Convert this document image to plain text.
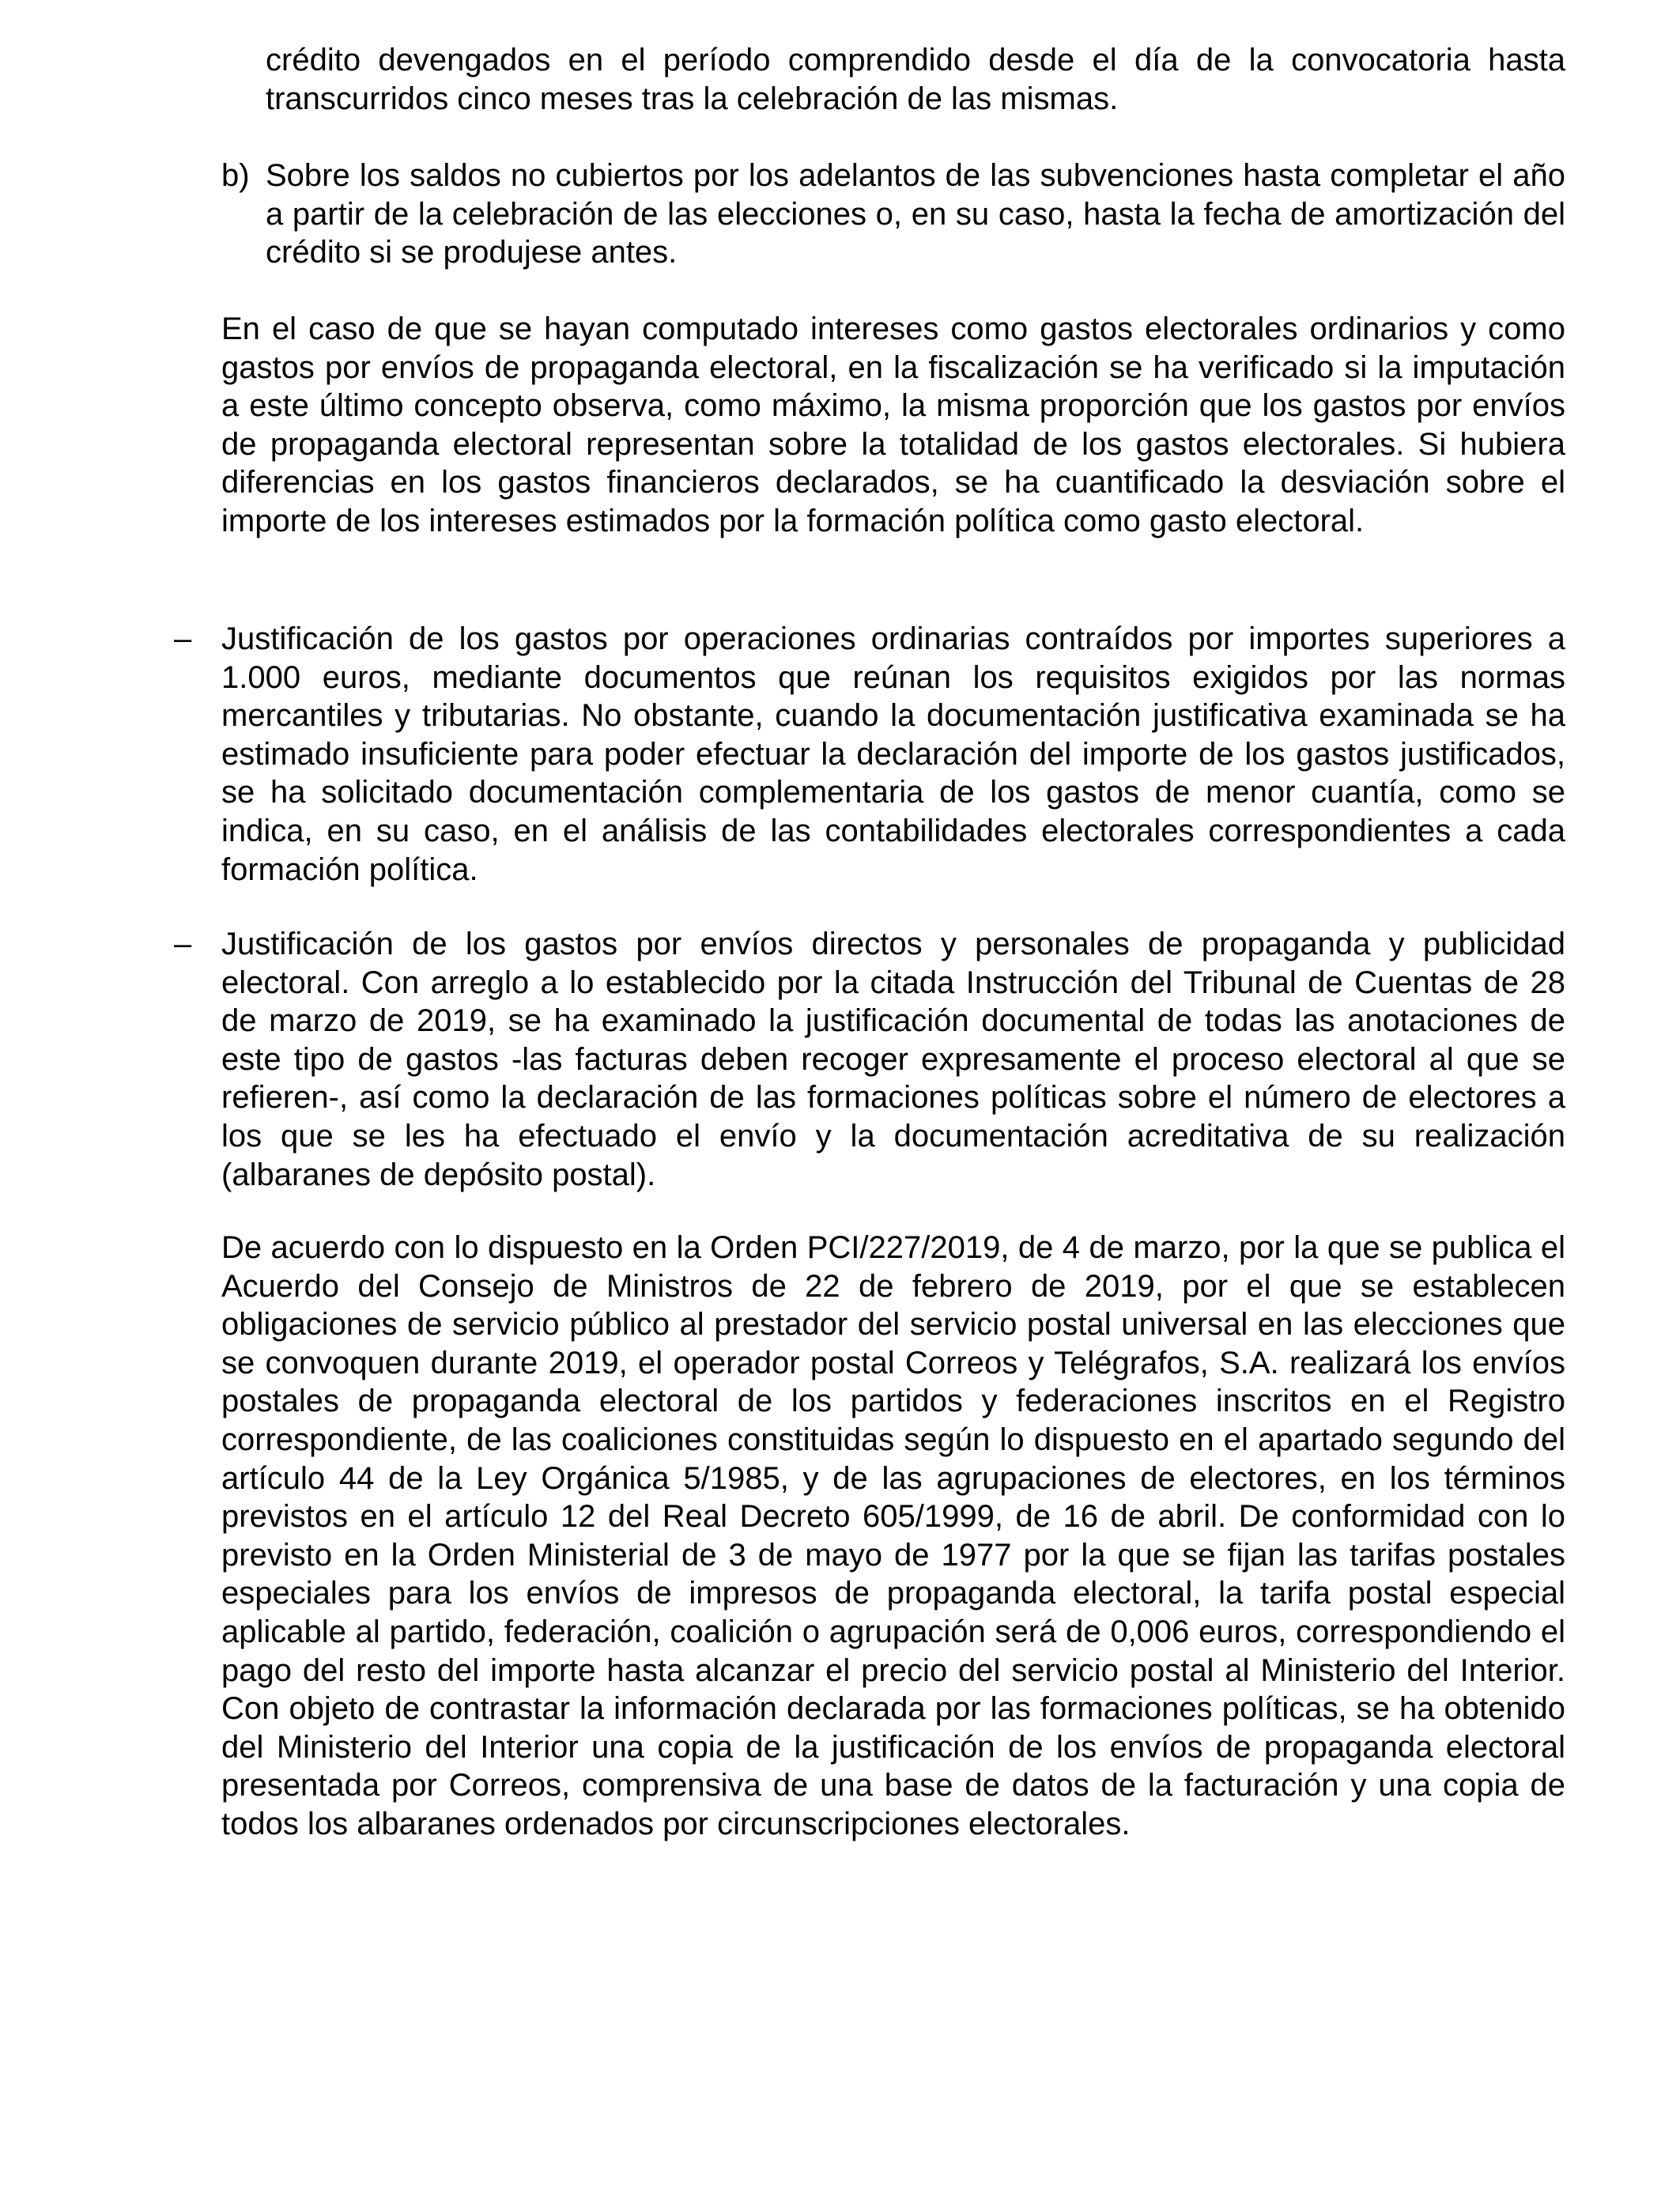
crédito devengados en el período comprendido desde el día de la convocatoria hasta transcurridos cinco meses tras la celebración de las mismas.

b) Sobre los saldos no cubiertos por los adelantos de las subvenciones hasta completar el año a partir de la celebración de las elecciones o, en su caso, hasta la fecha de amortización del crédito si se produjese antes.

En el caso de que se hayan computado intereses como gastos electorales ordinarios y como gastos por envíos de propaganda electoral, en la fiscalización se ha verificado si la imputación a este último concepto observa, como máximo, la misma proporción que los gastos por envíos de propaganda electoral representan sobre la totalidad de los gastos electorales. Si hubiera diferencias en los gastos financieros declarados, se ha cuantificado la desviación sobre el importe de los intereses estimados por la formación política como gasto electoral.

– Justificación de los gastos por operaciones ordinarias contraídos por importes superiores a 1.000 euros, mediante documentos que reúnan los requisitos exigidos por las normas mercantiles y tributarias. No obstante, cuando la documentación justificativa examinada se ha estimado insuficiente para poder efectuar la declaración del importe de los gastos justificados, se ha solicitado documentación complementaria de los gastos de menor cuantía, como se indica, en su caso, en el análisis de las contabilidades electorales correspondientes a cada formación política.

– Justificación de los gastos por envíos directos y personales de propaganda y publicidad electoral. Con arreglo a lo establecido por la citada Instrucción del Tribunal de Cuentas de 28 de marzo de 2019, se ha examinado la justificación documental de todas las anotaciones de este tipo de gastos -las facturas deben recoger expresamente el proceso electoral al que se refieren-, así como la declaración de las formaciones políticas sobre el número de electores a los que se les ha efectuado el envío y la documentación acreditativa de su realización (albaranes de depósito postal).

De acuerdo con lo dispuesto en la Orden PCI/227/2019, de 4 de marzo, por la que se publica el Acuerdo del Consejo de Ministros de 22 de febrero de 2019, por el que se establecen obligaciones de servicio público al prestador del servicio postal universal en las elecciones que se convoquen durante 2019, el operador postal Correos y Telégrafos, S.A. realizará los envíos postales de propaganda electoral de los partidos y federaciones inscritos en el Registro correspondiente, de las coaliciones constituidas según lo dispuesto en el apartado segundo del artículo 44 de la Ley Orgánica 5/1985, y de las agrupaciones de electores, en los términos previstos en el artículo 12 del Real Decreto 605/1999, de 16 de abril. De conformidad con lo previsto en la Orden Ministerial de 3 de mayo de 1977 por la que se fijan las tarifas postales especiales para los envíos de impresos de propaganda electoral, la tarifa postal especial aplicable al partido, federación, coalición o agrupación será de 0,006 euros, correspondiendo el pago del resto del importe hasta alcanzar el precio del servicio postal al Ministerio del Interior. Con objeto de contrastar la información declarada por las formaciones políticas, se ha obtenido del Ministerio del Interior una copia de la justificación de los envíos de propaganda electoral presentada por Correos, comprensiva de una base de datos de la facturación y una copia de todos los albaranes ordenados por circunscripciones electorales.
